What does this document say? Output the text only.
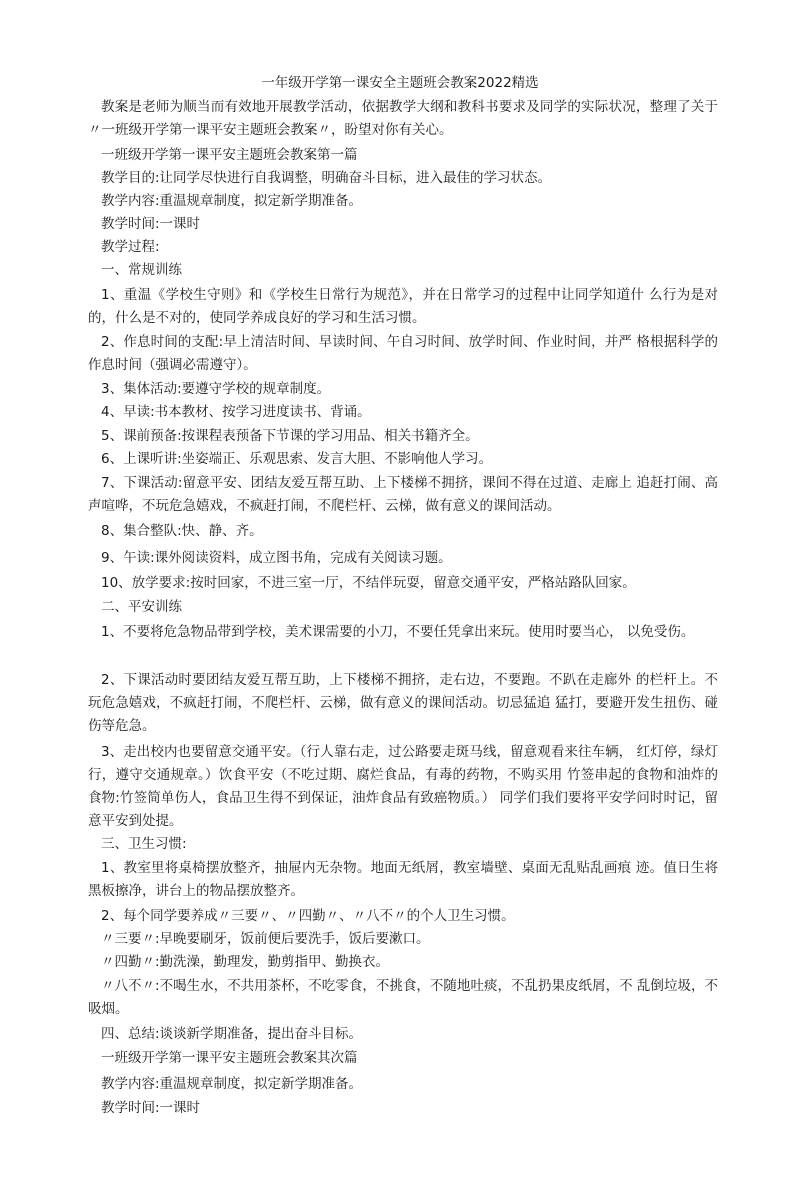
一年级开学第一课安全主题班会教案2022精选
教案是老师为顺当而有效地开展教学活动，依据教学大纲和教科书要求及同学的实际状况，整理了关于〃一班级开学第一课平安主题班会教案〃，盼望对你有关心。
一班级开学第一课平安主题班会教案第一篇
教学目的:让同学尽快进行自我调整，明确奋斗目标，进入最佳的学习状态。
教学内容:重温规章制度，拟定新学期准备。
教学时间:一课时
教学过程:
一、常规训练
1、重温《学校生守则》和《学校生日常行为规范》，并在日常学习的过程中让同学知道什 么行为是对的，什么是不对的，使同学养成良好的学习和生活习惯。
2、作息时间的支配:早上清洁时间、早读时间、午自习时间、放学时间、作业时间，并严 格根据科学的作息时间（强调必需遵守）。
3、集体活动:要遵守学校的规章制度。
4、早读:书本教材、按学习进度读书、背诵。
5、课前预备:按课程表预备下节课的学习用品、相关书籍齐全。
6、上课听讲:坐姿端正、乐观思索、发言大胆、不影响他人学习。
7、下课活动:留意平安、团结友爱互帮互助、上下楼梯不拥挤，课间不得在过道、走廊上 追赶打闹、高声喧哗，不玩危急嬉戏，不疯赶打闹，不爬栏杆、云梯，做有意义的课间活动。
8、集合整队:快、静、齐。
9、午读:课外阅读资料，成立图书角，完成有关阅读习题。
10、放学要求:按时回家，不进三室一厅，不结伴玩耍，留意交通平安，严格站路队回家。
二、平安训练
1、不要将危急物品带到学校，美术课需要的小刀，不要任凭拿出来玩。使用时要当心， 以免受伤。
2、下课活动时要团结友爱互帮互助，上下楼梯不拥挤，走右边，不要跑。不趴在走廊外 的栏杆上。不玩危急嬉戏，不疯赶打闹，不爬栏杆、云梯，做有意义的课间活动。切忌猛追 猛打，要避开发生扭伤、碰伤等危急。
3、走出校内也要留意交通平安。（行人靠右走，过公路要走斑马线，留意观看来往车辆， 红灯停，绿灯行，遵守交通规章。）饮食平安（不吃过期、腐烂食品，有毒的药物，不购买用 竹签串起的食物和油炸的食物:竹签简单伤人，食品卫生得不到保证，油炸食品有致癌物质。） 同学们我们要将平安学问时时记，留意平安到处提。
三、卫生习惯:
1、教室里将桌椅摆放整齐，抽屉内无杂物。地面无纸屑，教室墙壁、桌面无乱贴乱画痕 迹。值日生将黑板擦净，讲台上的物品摆放整齐。
2、每个同学要养成〃三要〃、〃四勤〃、〃八不〃的个人卫生习惯。
〃三要〃:早晚要刷牙，饭前便后要洗手，饭后要漱口。
〃四勤〃:勤洗澡，勤理发，勤剪指甲、勤换衣。
〃八不〃:不喝生水，不共用茶杯，不吃零食，不挑食，不随地吐痰，不乱扔果皮纸屑，不 乱倒垃圾，不吸烟。
四、总结:谈谈新学期准备，提出奋斗目标。
一班级开学第一课平安主题班会教案其次篇
教学内容:重温规章制度，拟定新学期准备。
教学时间:一课时
